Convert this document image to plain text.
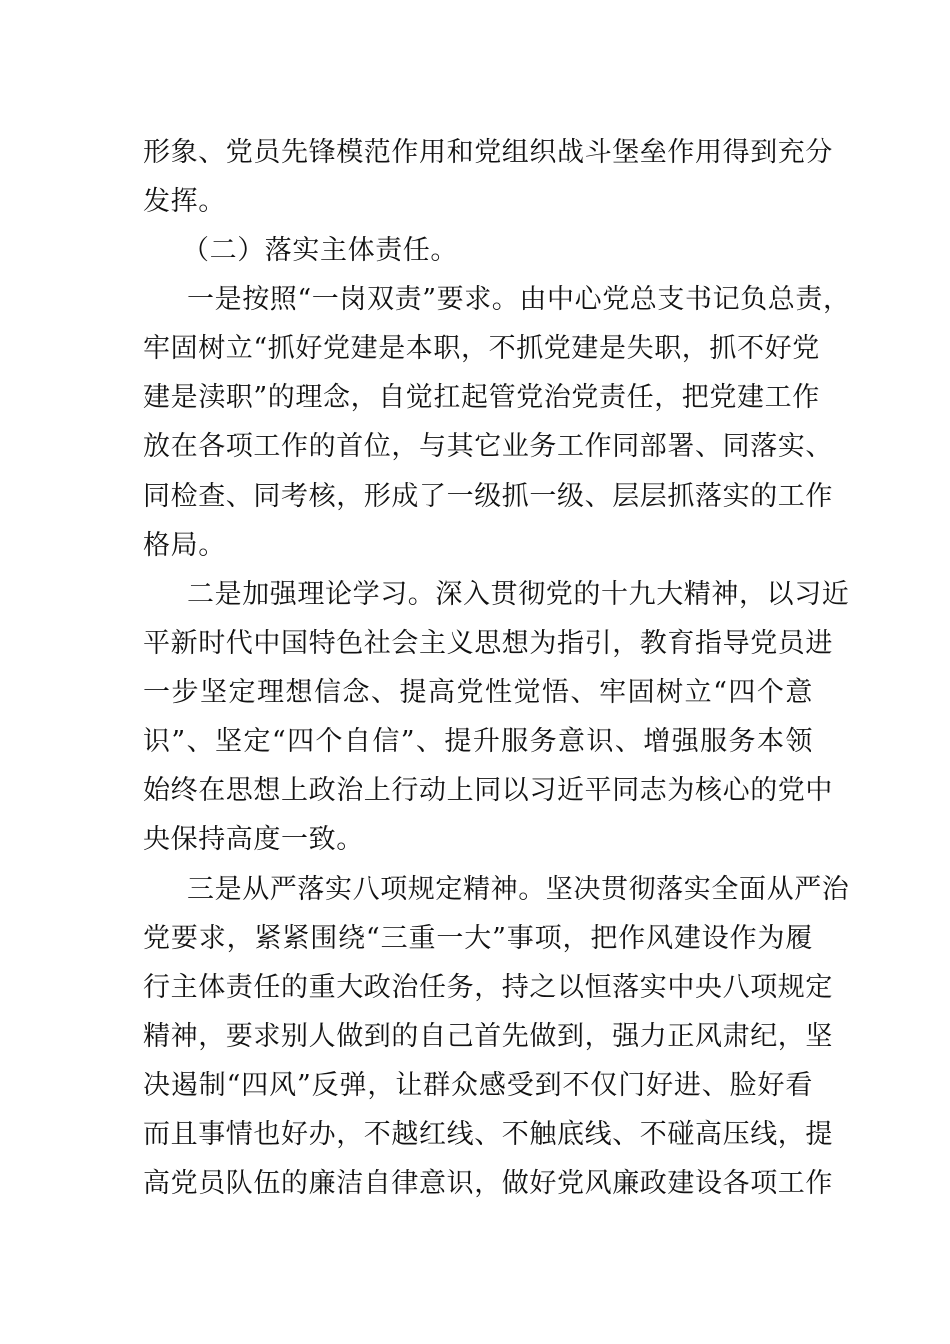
形象、党员先锋模范作用和党组织战斗堡垒作用得到充分
发挥。
（二）落实主体责任。
一是按照“一岗双责”要求。由中心党总支书记负总责，
牢固树立“抓好党建是本职，不抓党建是失职，抓不好党
建是渎职”的理念，自觉扛起管党治党责任，把党建工作
放在各项工作的首位，与其它业务工作同部署、同落实、
同检查、同考核，形成了一级抓一级、层层抓落实的工作
格局。
二是加强理论学习。深入贯彻党的十九大精神，以习近
平新时代中国特色社会主义思想为指引，教育指导党员进
一步坚定理想信念、提高党性觉悟、牢固树立“四个意
识”、坚定“四个自信”、提升服务意识、增强服务本领
始终在思想上政治上行动上同以习近平同志为核心的党中
央保持高度一致。
三是从严落实八项规定精神。坚决贯彻落实全面从严治
党要求，紧紧围绕“三重一大”事项，把作风建设作为履
行主体责任的重大政治任务，持之以恒落实中央八项规定
精神，要求别人做到的自己首先做到，强力正风肃纪，坚
决遏制“四风”反弹，让群众感受到不仅门好进、脸好看
而且事情也好办，不越红线、不触底线、不碰高压线，提
高党员队伍的廉洁自律意识，做好党风廉政建设各项工作
